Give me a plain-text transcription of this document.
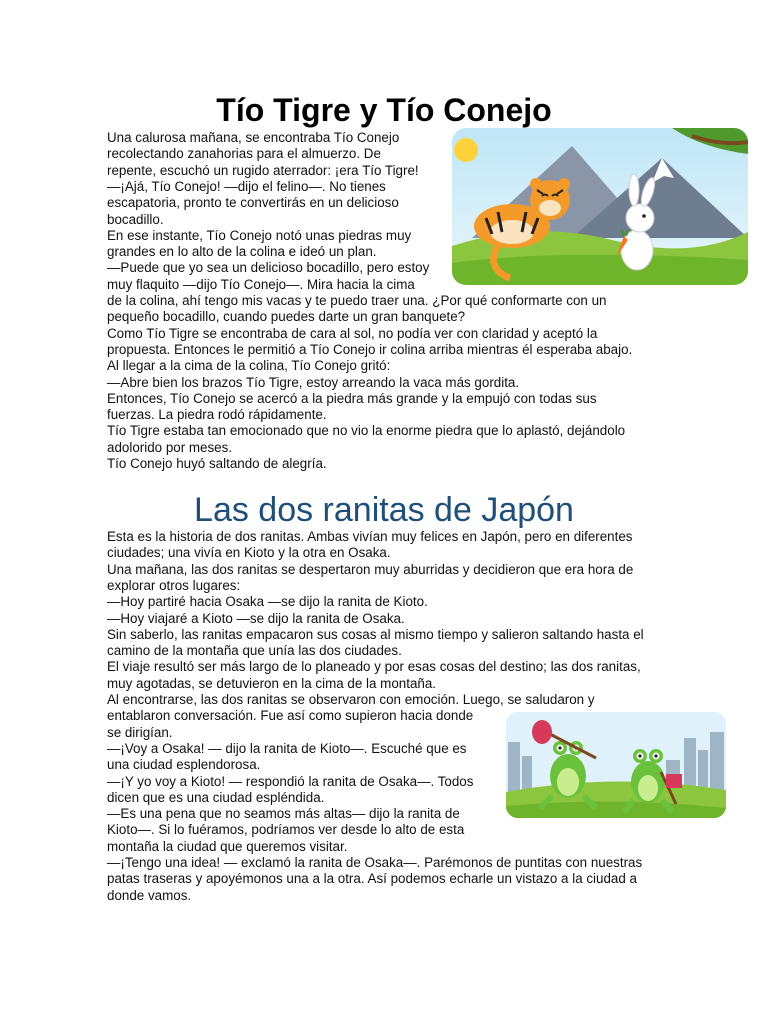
Tío Tigre y Tío Conejo
Una calurosa mañana, se encontraba Tío Conejo
recolectando zanahorias para el almuerzo. De
repente, escuchó un rugido aterrador: ¡era Tío Tigre!
—¡Ajá, Tío Conejo! —dijo el felino—. No tienes
escapatoria, pronto te convertirás en un delicioso
bocadillo.
En ese instante, Tío Conejo notó unas piedras muy
grandes en lo alto de la colina e ideó un plan.
—Puede que yo sea un delicioso bocadillo, pero estoy
muy flaquito —dijo Tío Conejo—. Mira hacia la cima
de la colina, ahí tengo mis vacas y te puedo traer una. ¿Por qué conformarte con un
pequeño bocadillo, cuando puedes darte un gran banquete?
Como Tío Tigre se encontraba de cara al sol, no podía ver con claridad y aceptó la
propuesta. Entonces le permitió a Tío Conejo ir colina arriba mientras él esperaba abajo.
Al llegar a la cima de la colina, Tío Conejo gritó:
—Abre bien los brazos Tío Tigre, estoy arreando la vaca más gordita.
Entonces, Tío Conejo se acercó a la piedra más grande y la empujó con todas sus
fuerzas. La piedra rodó rápidamente.
Tío Tigre estaba tan emocionado que no vio la enorme piedra que lo aplastó, dejándolo
adolorido por meses.
Tío Conejo huyó saltando de alegría.
Las dos ranitas de Japón
Esta es la historia de dos ranitas. Ambas vivían muy felices en Japón, pero en diferentes
ciudades; una vivía en Kioto y la otra en Osaka.
Una mañana, las dos ranitas se despertaron muy aburridas y decidieron que era hora de
explorar otros lugares:
—Hoy partiré hacia Osaka —se dijo la ranita de Kioto.
—Hoy viajaré a Kioto —se dijo la ranita de Osaka.
Sin saberlo, las ranitas empacaron sus cosas al mismo tiempo y salieron saltando hasta el
camino de la montaña que unía las dos ciudades.
El viaje resultó ser más largo de lo planeado y por esas cosas del destino; las dos ranitas,
muy agotadas, se detuvieron en la cima de la montaña.
Al encontrarse, las dos ranitas se observaron con emoción. Luego, se saludaron y
entablaron conversación. Fue así como supieron hacia donde
se dirigían.
—¡Voy a Osaka! — dijo la ranita de Kioto—. Escuché que es
una ciudad esplendorosa.
—¡Y yo voy a Kioto! — respondió la ranita de Osaka—. Todos
dicen que es una ciudad espléndida.
—Es una pena que no seamos más altas— dijo la ranita de
Kioto—. Si lo fuéramos, podríamos ver desde lo alto de esta
montaña la ciudad que queremos visitar.
—¡Tengo una idea! — exclamó la ranita de Osaka—. Parémonos de puntitas con nuestras
patas traseras y apoyémonos una a la otra. Así podemos echarle un vistazo a la ciudad a
donde vamos.
